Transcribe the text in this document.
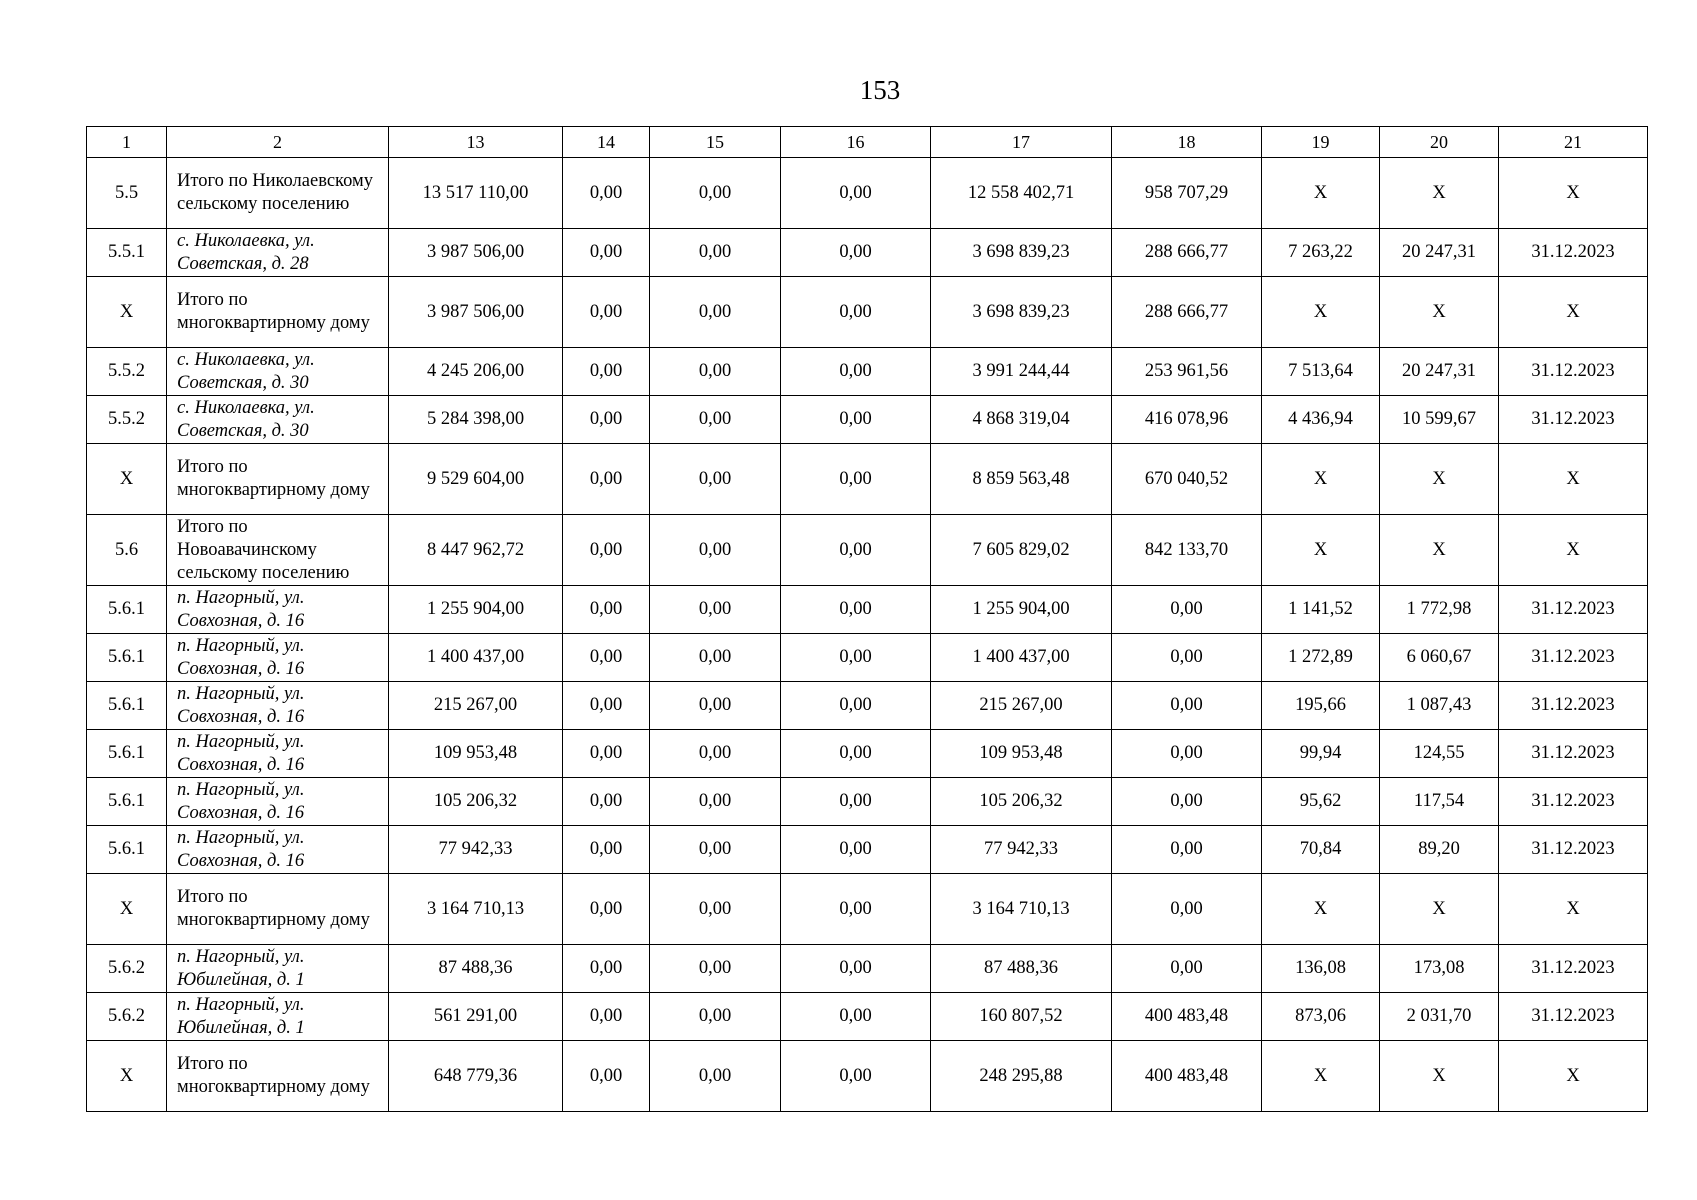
153
1	2	13	14	15	16	17	18	19	20	21
5.5	Итого по Николаевскому сельскому поселению	13 517 110,00	0,00	0,00	0,00	12 558 402,71	958 707,29	Х	Х	Х
5.5.1	с. Николаевка, ул. Советская, д. 28	3 987 506,00	0,00	0,00	0,00	3 698 839,23	288 666,77	7 263,22	20 247,31	31.12.2023
Х	Итого по многоквартирному дому	3 987 506,00	0,00	0,00	0,00	3 698 839,23	288 666,77	Х	Х	Х
5.5.2	с. Николаевка, ул. Советская, д. 30	4 245 206,00	0,00	0,00	0,00	3 991 244,44	253 961,56	7 513,64	20 247,31	31.12.2023
5.5.2	с. Николаевка, ул. Советская, д. 30	5 284 398,00	0,00	0,00	0,00	4 868 319,04	416 078,96	4 436,94	10 599,67	31.12.2023
Х	Итого по многоквартирному дому	9 529 604,00	0,00	0,00	0,00	8 859 563,48	670 040,52	Х	Х	Х
5.6	Итого по Новоавачинскому сельскому поселению	8 447 962,72	0,00	0,00	0,00	7 605 829,02	842 133,70	Х	Х	Х
5.6.1	п. Нагорный, ул. Совхозная, д. 16	1 255 904,00	0,00	0,00	0,00	1 255 904,00	0,00	1 141,52	1 772,98	31.12.2023
5.6.1	п. Нагорный, ул. Совхозная, д. 16	1 400 437,00	0,00	0,00	0,00	1 400 437,00	0,00	1 272,89	6 060,67	31.12.2023
5.6.1	п. Нагорный, ул. Совхозная, д. 16	215 267,00	0,00	0,00	0,00	215 267,00	0,00	195,66	1 087,43	31.12.2023
5.6.1	п. Нагорный, ул. Совхозная, д. 16	109 953,48	0,00	0,00	0,00	109 953,48	0,00	99,94	124,55	31.12.2023
5.6.1	п. Нагорный, ул. Совхозная, д. 16	105 206,32	0,00	0,00	0,00	105 206,32	0,00	95,62	117,54	31.12.2023
5.6.1	п. Нагорный, ул. Совхозная, д. 16	77 942,33	0,00	0,00	0,00	77 942,33	0,00	70,84	89,20	31.12.2023
Х	Итого по многоквартирному дому	3 164 710,13	0,00	0,00	0,00	3 164 710,13	0,00	Х	Х	Х
5.6.2	п. Нагорный, ул. Юбилейная, д. 1	87 488,36	0,00	0,00	0,00	87 488,36	0,00	136,08	173,08	31.12.2023
5.6.2	п. Нагорный, ул. Юбилейная, д. 1	561 291,00	0,00	0,00	0,00	160 807,52	400 483,48	873,06	2 031,70	31.12.2023
Х	Итого по многоквартирному дому	648 779,36	0,00	0,00	0,00	248 295,88	400 483,48	Х	Х	Х
